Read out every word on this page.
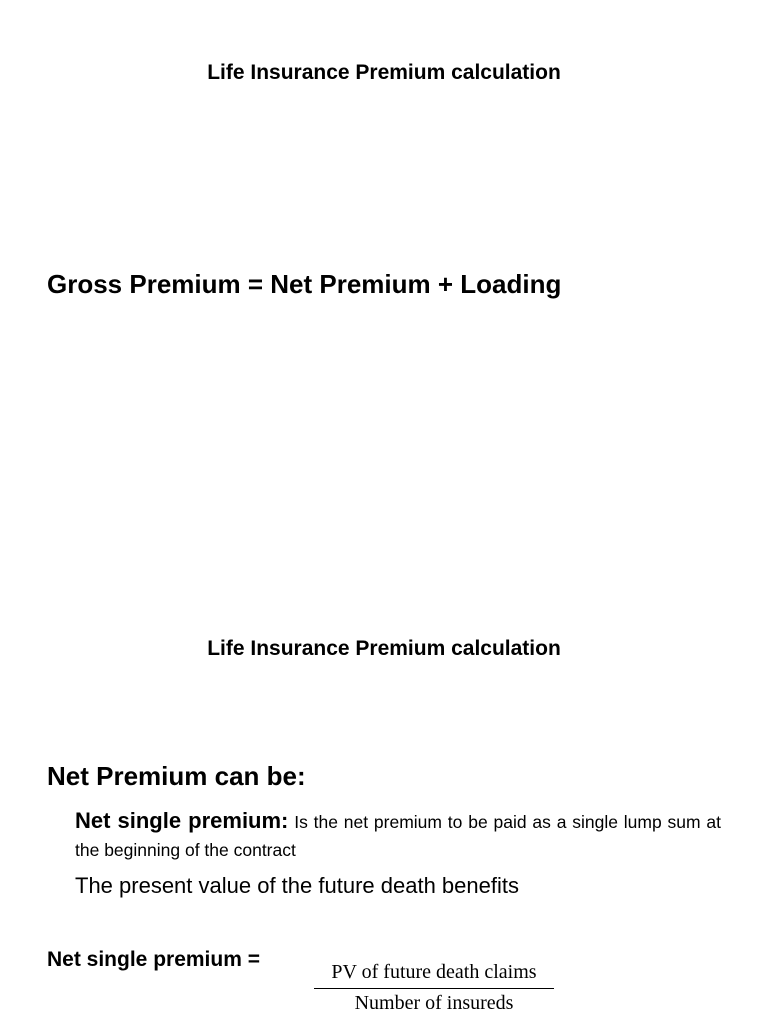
Life Insurance Premium calculation
Gross Premium = Net Premium + Loading
Life Insurance Premium calculation
Net Premium can be:
Net single premium: Is the net premium to be paid as a single lump sum at the beginning of the contract
The present value of the future death benefits
Net single premium =
PV of future death claims
Number of insureds
